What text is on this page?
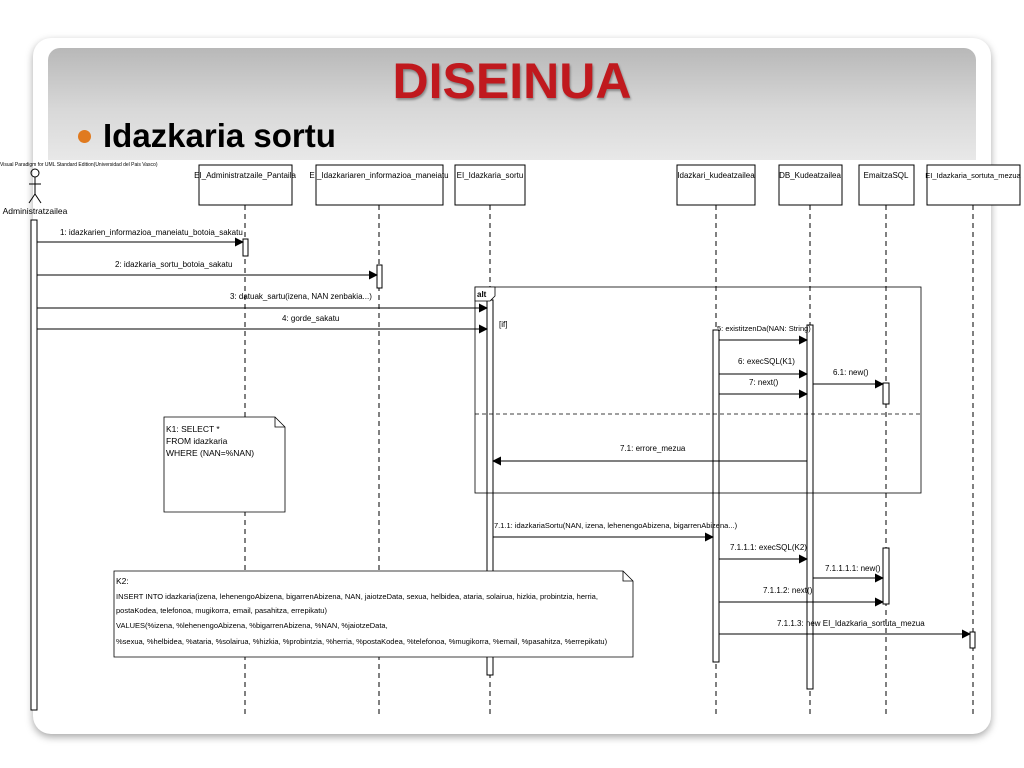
DISEINUA
Idazkaria sortu
Visual Paradigm for UML Standard Edition(Universidad del Pais Vasco)
Administratzailea
EI_Administratzaile_Pantaila EI_Idazkariaren_informazioa_maneiatu EI_Idazkaria_sortu	Idazkari_kudeatzailea	DB_Kudeatzailea	EmaitzaSQL EI_Idazkaria_sortuta_mezua
alt
[if]
1: idazkarien_informazioa_maneiatu_botoia_sakatu
2: idazkaria_sortu_botoia_sakatu
3: datuak_sartu(izena, NAN zenbakia...)
4: gorde_sakatu
5: existitzenDa(NAN: String)
6: execSQL(K1)
6.1: new()
7: next()
7.1: errore_mezua
7.1.1: idazkariaSortu(NAN, izena, lehenengoAbizena, bigarrenAbizena...)
7.1.1.1: execSQL(K2)
7.1.1.1.1: new()
7.1.1.2: next()
7.1.1.3: new EI_Idazkaria_sortuta_mezua
K1: SELECT *
FROM idazkaria
WHERE (NAN=%NAN)
K2:
INSERT INTO idazkaria(izena, lehenengoAbizena, bigarrenAbizena, NAN, jaiotzeData, sexua, helbidea, ataria, solairua, hizkia, probintzia, herria,
postaKodea, telefonoa, mugikorra, email, pasahitza, errepikatu)
VALUES(%izena, %lehenengoAbizena, %bigarrenAbizena, %NAN, %jaiotzeData,
%sexua, %helbidea, %ataria, %solairua, %hizkia, %probintzia, %herria, %postaKodea, %telefonoa, %mugikorra, %email, %pasahitza, %errepikatu)
